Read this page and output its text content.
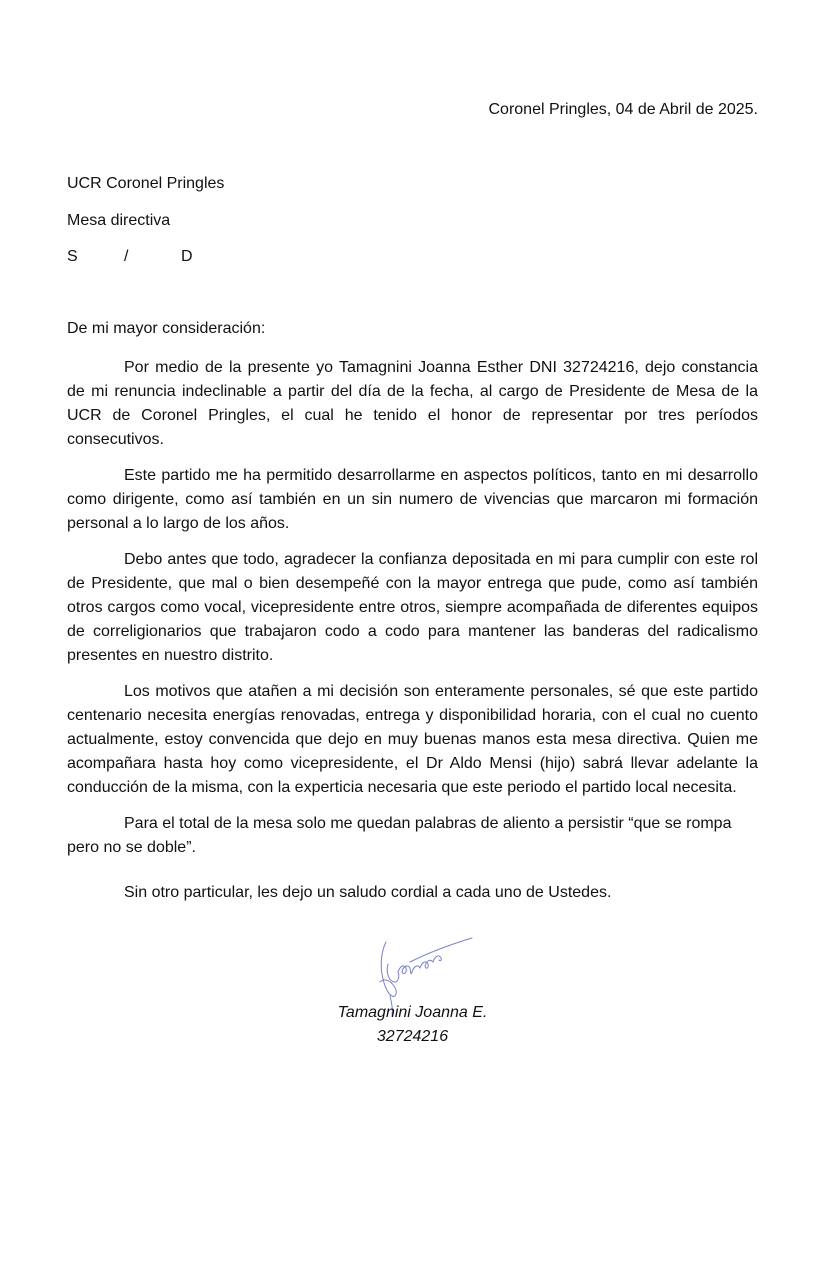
Coronel Pringles, 04 de Abril de 2025.
UCR Coronel Pringles
Mesa directiva
S	/	D
De mi mayor consideración:

Por medio de la presente yo Tamagnini Joanna Esther DNI 32724216, dejo constancia de mi renuncia indeclinable a partir del día de la fecha, al cargo de Presidente de Mesa de la UCR de Coronel Pringles, el cual he tenido el honor de representar por tres períodos consecutivos.

Este partido me ha permitido desarrollarme en aspectos políticos, tanto en mi desarrollo como dirigente, como así también en un sin numero de vivencias que marcaron mi formación personal a lo largo de los años.

Debo antes que todo, agradecer la confianza depositada en mi para cumplir con este rol de Presidente, que mal o bien desempeñé con la mayor entrega que pude, como así también otros cargos como vocal, vicepresidente entre otros, siempre acompañada de diferentes equipos de correligionarios que trabajaron codo a codo para mantener las banderas del radicalismo presentes en nuestro distrito.

Los motivos que atañen a mi decisión son enteramente personales, sé que este partido centenario necesita energías renovadas, entrega y disponibilidad horaria, con el cual no cuento actualmente, estoy convencida que dejo en muy buenas manos esta mesa directiva. Quien me acompañara hasta hoy como vicepresidente, el Dr Aldo Mensi (hijo) sabrá llevar adelante la conducción de la misma, con la experticia necesaria que este periodo el partido local necesita.

Para el total de la mesa solo me quedan palabras de aliento a persistir “que se rompa pero no se doble”.

Sin otro particular, les dejo un saludo cordial a cada uno de Ustedes.
Tamagnini Joanna E.
32724216
